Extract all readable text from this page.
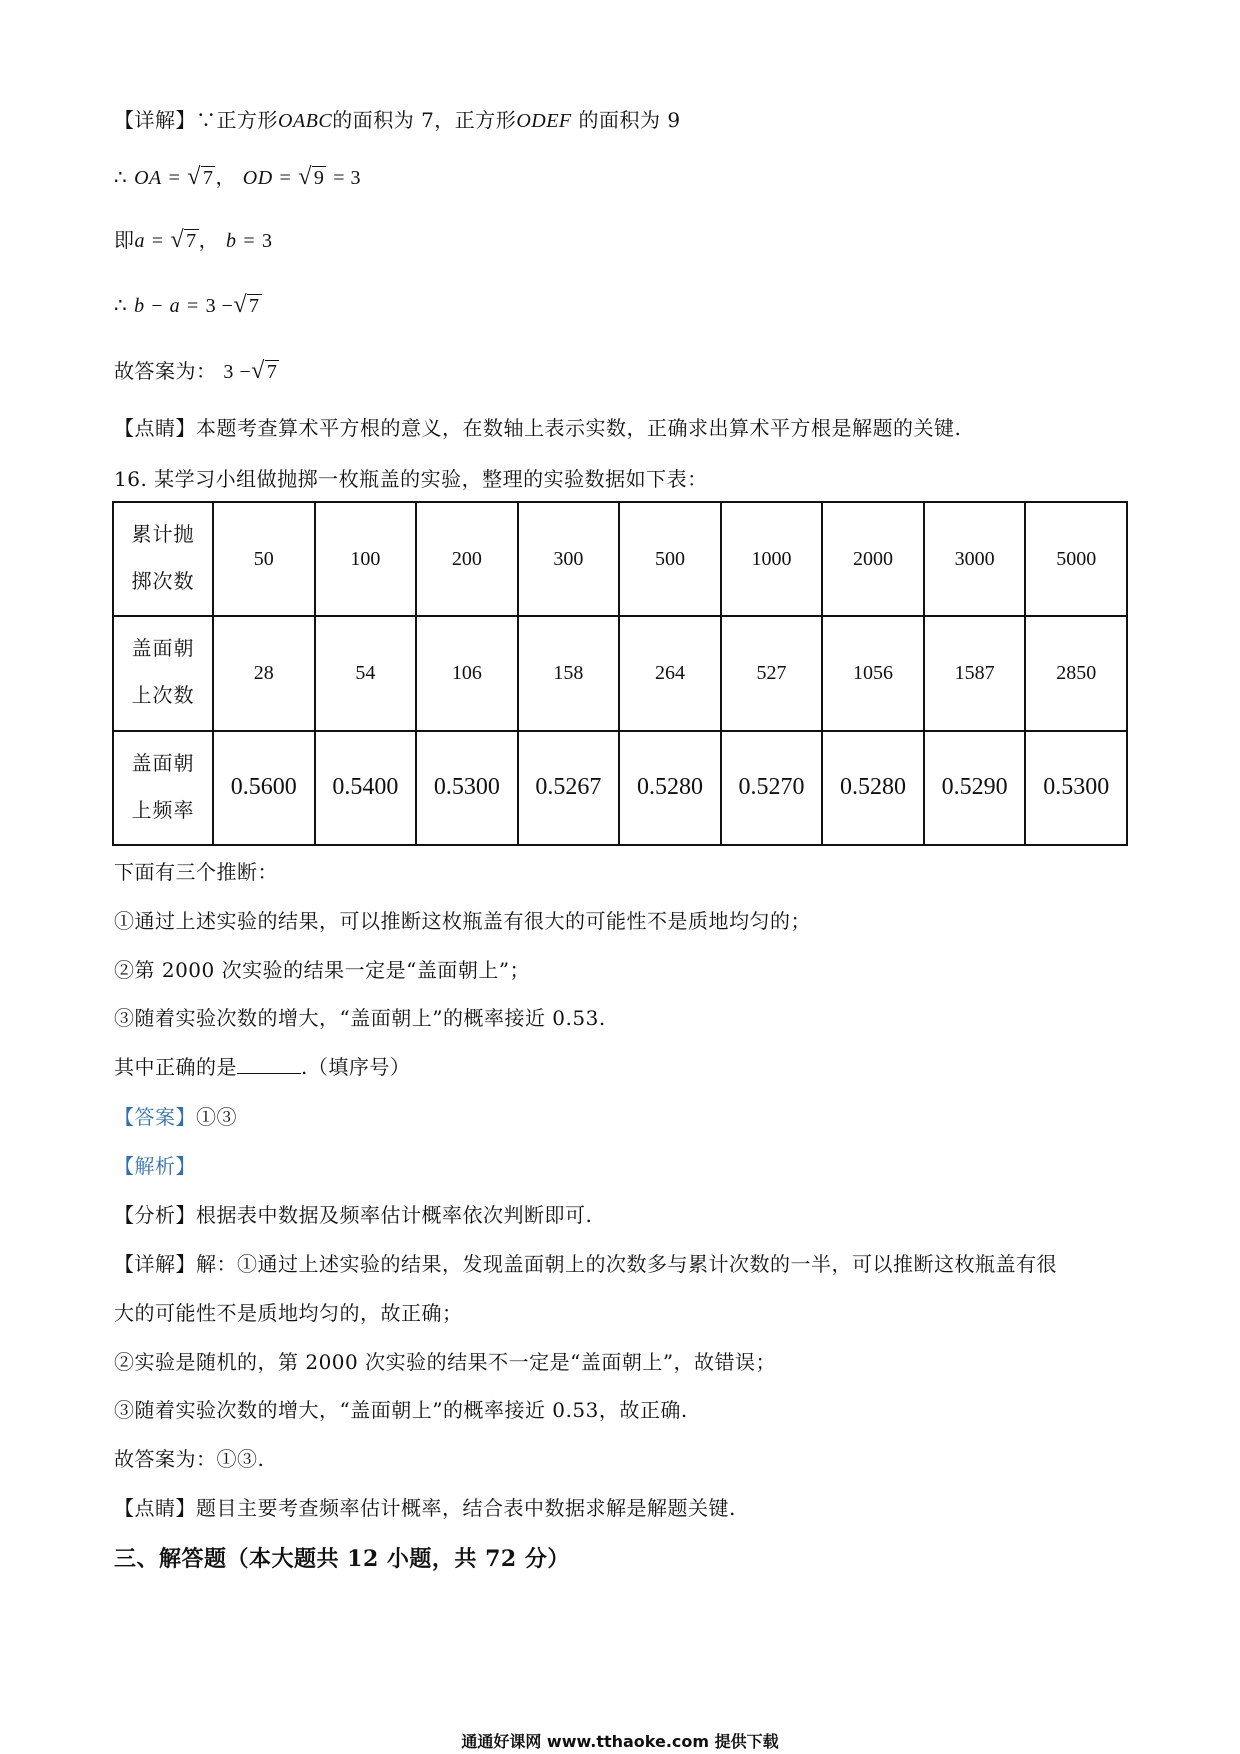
【详解】∵正方形OABC的面积为 7，正方形ODEF 的面积为 9
∴ OA = √ 7 ， OD = √ 9 = 3
即a = √ 7 ， b = 3
∴ b − a = 3 −√ 7
故答案为： 3 −√ 7
【点睛】本题考查算术平方根的意义，在数轴上表示实数，正确求出算术平方根是解题的关键.
16. 某学习小组做抛掷一枚瓶盖的实验，整理的实验数据如下表：
累计抛
掷次数	50	100	200	300	500	1000	2000	3000	5000

盖面朝
上次数	28	54	106	158	264	527	1056	1587	2850

盖面朝
上频率	0.5600	0.5400	0.5300	0.5267	0.5280	0.5270	0.5280	0.5290	0.5300
下面有三个推断：
①通过上述实验的结果，可以推断这枚瓶盖有很大的可能性不是质地均匀的；
②第 2000 次实验的结果一定是“盖面朝上”；
③随着实验次数的增大，“盖面朝上”的概率接近 0.53.
其中正确的是	.（填序号）
【答案】①③
【解析】
【分析】根据表中数据及频率估计概率依次判断即可.
【详解】解：①通过上述实验的结果，发现盖面朝上的次数多与累计次数的一半，可以推断这枚瓶盖有很
大的可能性不是质地均匀的，故正确；
②实验是随机的，第 2000 次实验的结果不一定是“盖面朝上”，故错误；
③随着实验次数的增大，“盖面朝上”的概率接近 0.53，故正确.
故答案为：①③.
【点睛】题目主要考查频率估计概率，结合表中数据求解是解题关键.
三、解答题（本大题共 12 小题，共 72 分）
通通好课网 www.tthaoke.com 提供下载
